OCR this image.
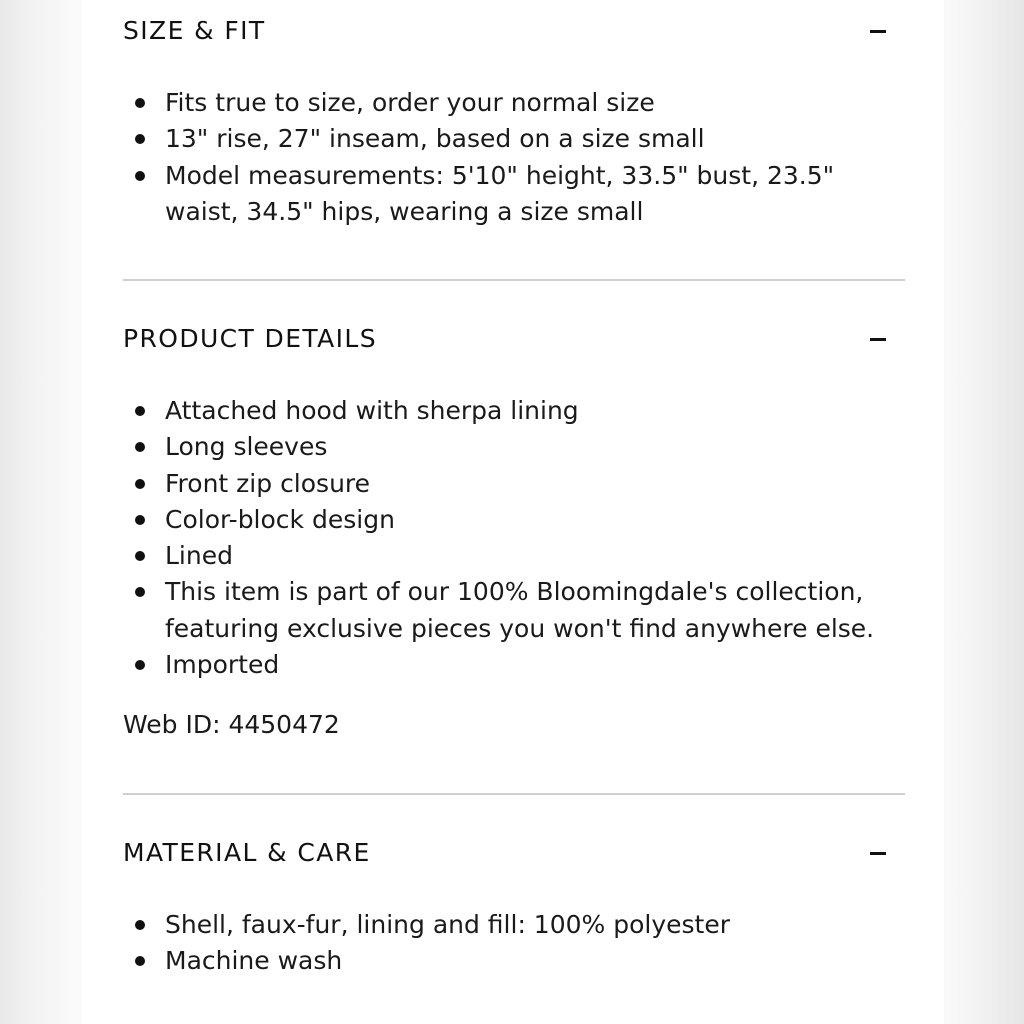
SIZE & FIT
Fits true to size, order your normal size
13" rise, 27" inseam, based on a size small
Model measurements: 5'10" height, 33.5" bust, 23.5"
waist, 34.5" hips, wearing a size small
PRODUCT DETAILS
Attached hood with sherpa lining
Long sleeves
Front zip closure
Color-block design
Lined
This item is part of our 100% Bloomingdale's collection,
featuring exclusive pieces you won't find anywhere else.
Imported
Web ID: 4450472
MATERIAL & CARE
Shell, faux-fur, lining and fill: 100% polyester
Machine wash
